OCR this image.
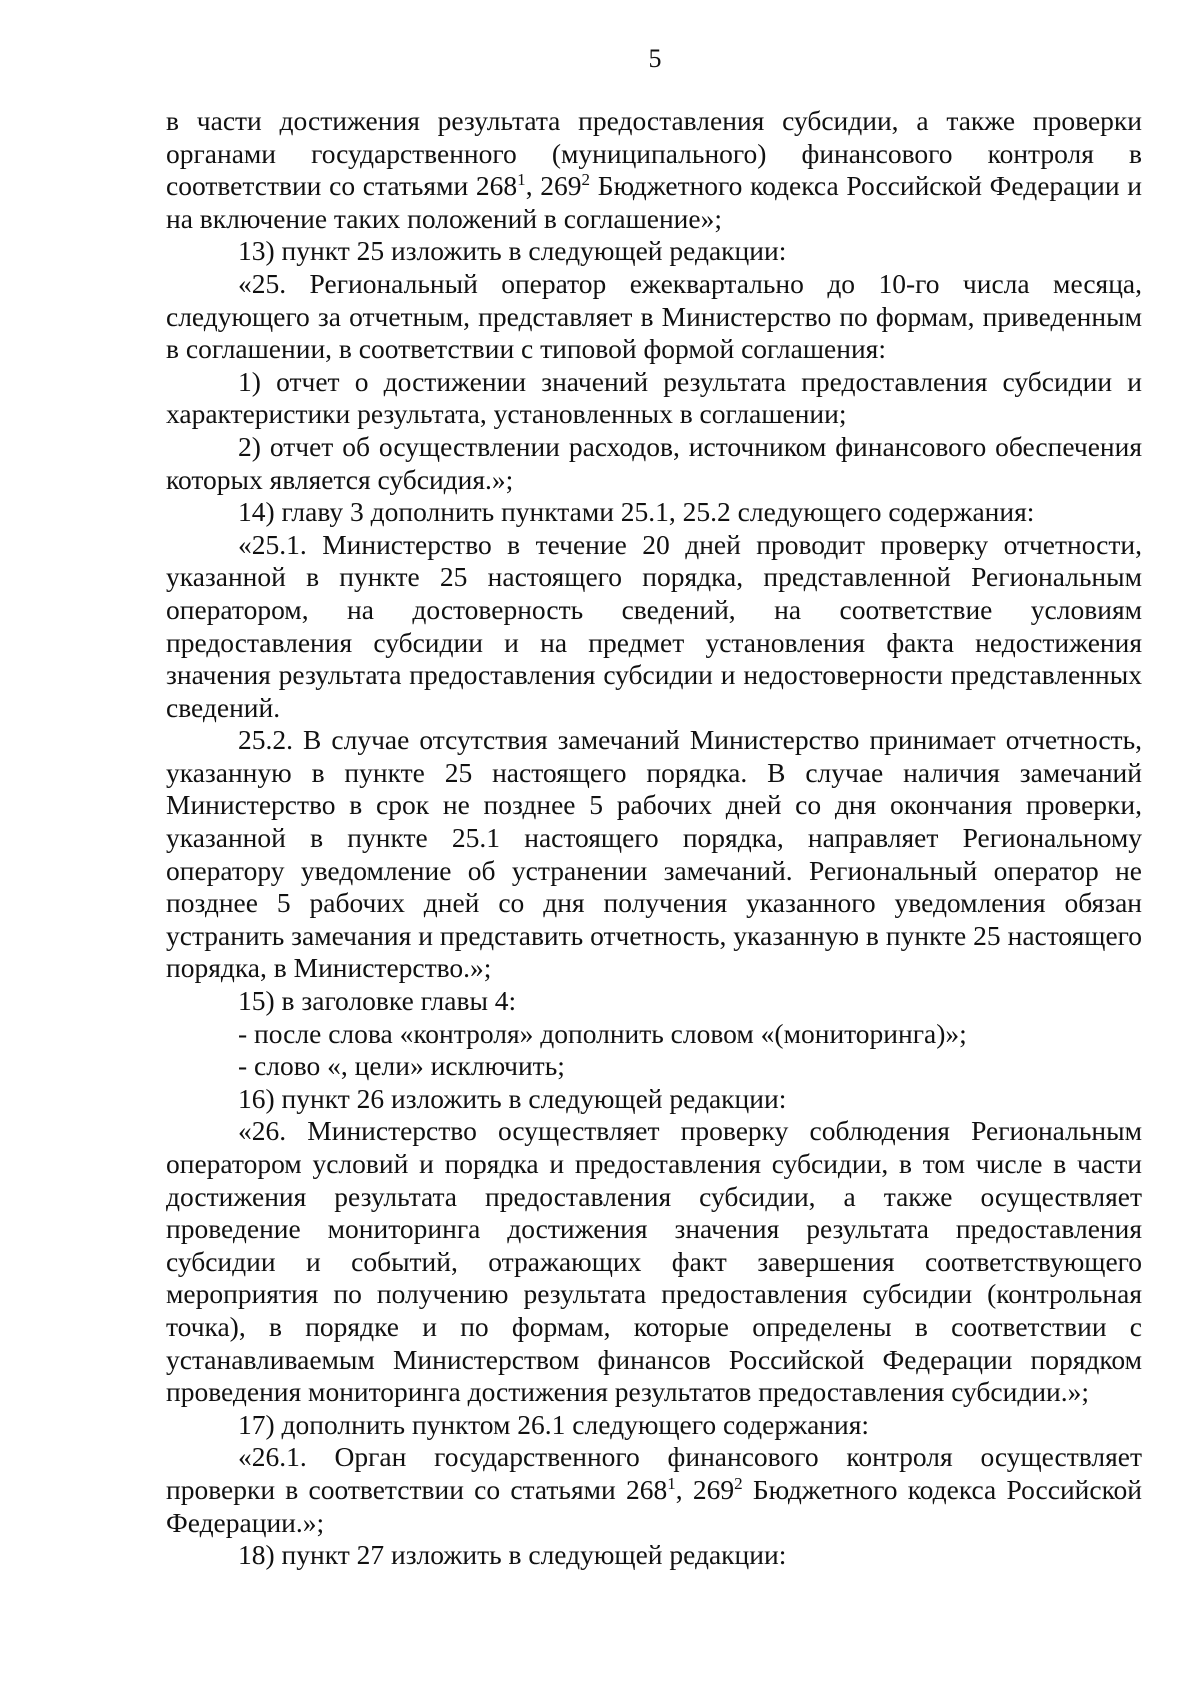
5

в части достижения результата предоставления субсидии, а также проверки органами государственного (муниципального) финансового контроля в соответствии со статьями $268^1$, $269^2$ Бюджетного кодекса Российской Федерации и на включение таких положений в соглашение»;

13) пункт 25 изложить в следующей редакции:

«25. Региональный оператор ежеквартально до 10-го числа месяца, следующего за отчетным, представляет в Министерство по формам, приведенным в соглашении, в соответствии с типовой формой соглашения:

1) отчет о достижении значений результата предоставления субсидии и характеристики результата, установленных в соглашении;

2) отчет об осуществлении расходов, источником финансового обеспечения которых является субсидия.»;

14) главу 3 дополнить пунктами 25.1, 25.2 следующего содержания:

«25.1. Министерство в течение 20 дней проводит проверку отчетности, указанной в пункте 25 настоящего порядка, представленной Региональным оператором, на достоверность сведений, на соответствие условиям предоставления субсидии и на предмет установления факта недостижения значения результата предоставления субсидии и недостоверности представленных сведений.

25.2. В случае отсутствия замечаний Министерство принимает отчетность, указанную в пункте 25 настоящего порядка. В случае наличия замечаний Министерство в срок не позднее 5 рабочих дней со дня окончания проверки, указанной в пункте 25.1 настоящего порядка, направляет Региональному оператору уведомление об устранении замечаний. Региональный оператор не позднее 5 рабочих дней со дня получения указанного уведомления обязан устранить замечания и представить отчетность, указанную в пункте 25 настоящего порядка, в Министерство.»;

15) в заголовке главы 4:

- после слова «контроля» дополнить словом «(мониторинга)»;

- слово «, цели» исключить;

16) пункт 26 изложить в следующей редакции:

«26. Министерство осуществляет проверку соблюдения Региональным оператором условий и порядка и предоставления субсидии, в том числе в части достижения результата предоставления субсидии, а также осуществляет проведение мониторинга достижения значения результата предоставления субсидии и событий, отражающих факт завершения соответствующего мероприятия по получению результата предоставления субсидии (контрольная точка), в порядке и по формам, которые определены в соответствии с устанавливаемым Министерством финансов Российской Федерации порядком проведения мониторинга достижения результатов предоставления субсидии.»;

17) дополнить пунктом 26.1 следующего содержания:

«26.1. Орган государственного финансового контроля осуществляет проверки в соответствии со статьями $268^1$, $269^2$ Бюджетного кодекса Российской Федерации.»;

18) пункт 27 изложить в следующей редакции:
